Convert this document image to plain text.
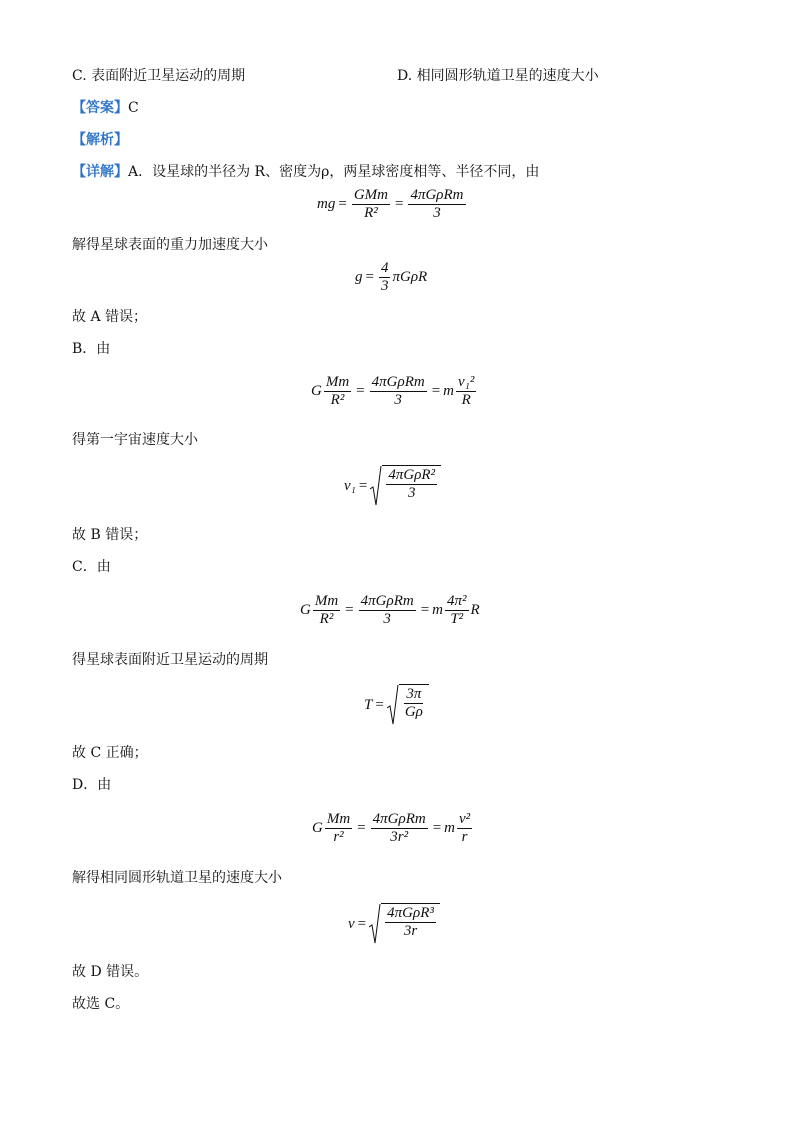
C. 表面附近卫星运动的周期	D. 相同圆形轨道卫星的速度大小
【答案】C
【解析】
【详解】A．设星球的半径为 R、密度为ρ，两星球密度相等、半径不同，由
mg = $\frac{\text{GMm}}{\text{R²}} = \frac{\text{4πGρRm}}{3}$
解得星球表面的重力加速度大小
$g = \frac{4}{3}$ πGρR
故 A 错误；
B．由
G $\frac{Mm}{\text{R²}} = \frac{\text{4πGρRm}}{3} = m \frac{\text{v₁²}}{R}$
得第一宇宙速度大小
$v_1 = \frac{\text{4πGρR²}}{3}$
故 B 错误；
C．由
G $\frac{Mm}{\text{R²}} = \frac{\text{4πGρRm}}{3} = m \frac{\text{4π²}}{\text{T²}}$ R
得星球表面附近卫星运动的周期
$T = \frac{3\pi}{G\rho}$
故 C 正确；
D．由
G $\frac{Mm}{\text{r²}} = \frac{\text{4πGρRm}}{\text{3r²}} = m \frac{\text{v²}}{r}$
解得相同圆形轨道卫星的速度大小
$v = \frac{\text{4πGρR³}}{3r}$
故 D 错误。
故选 C。
